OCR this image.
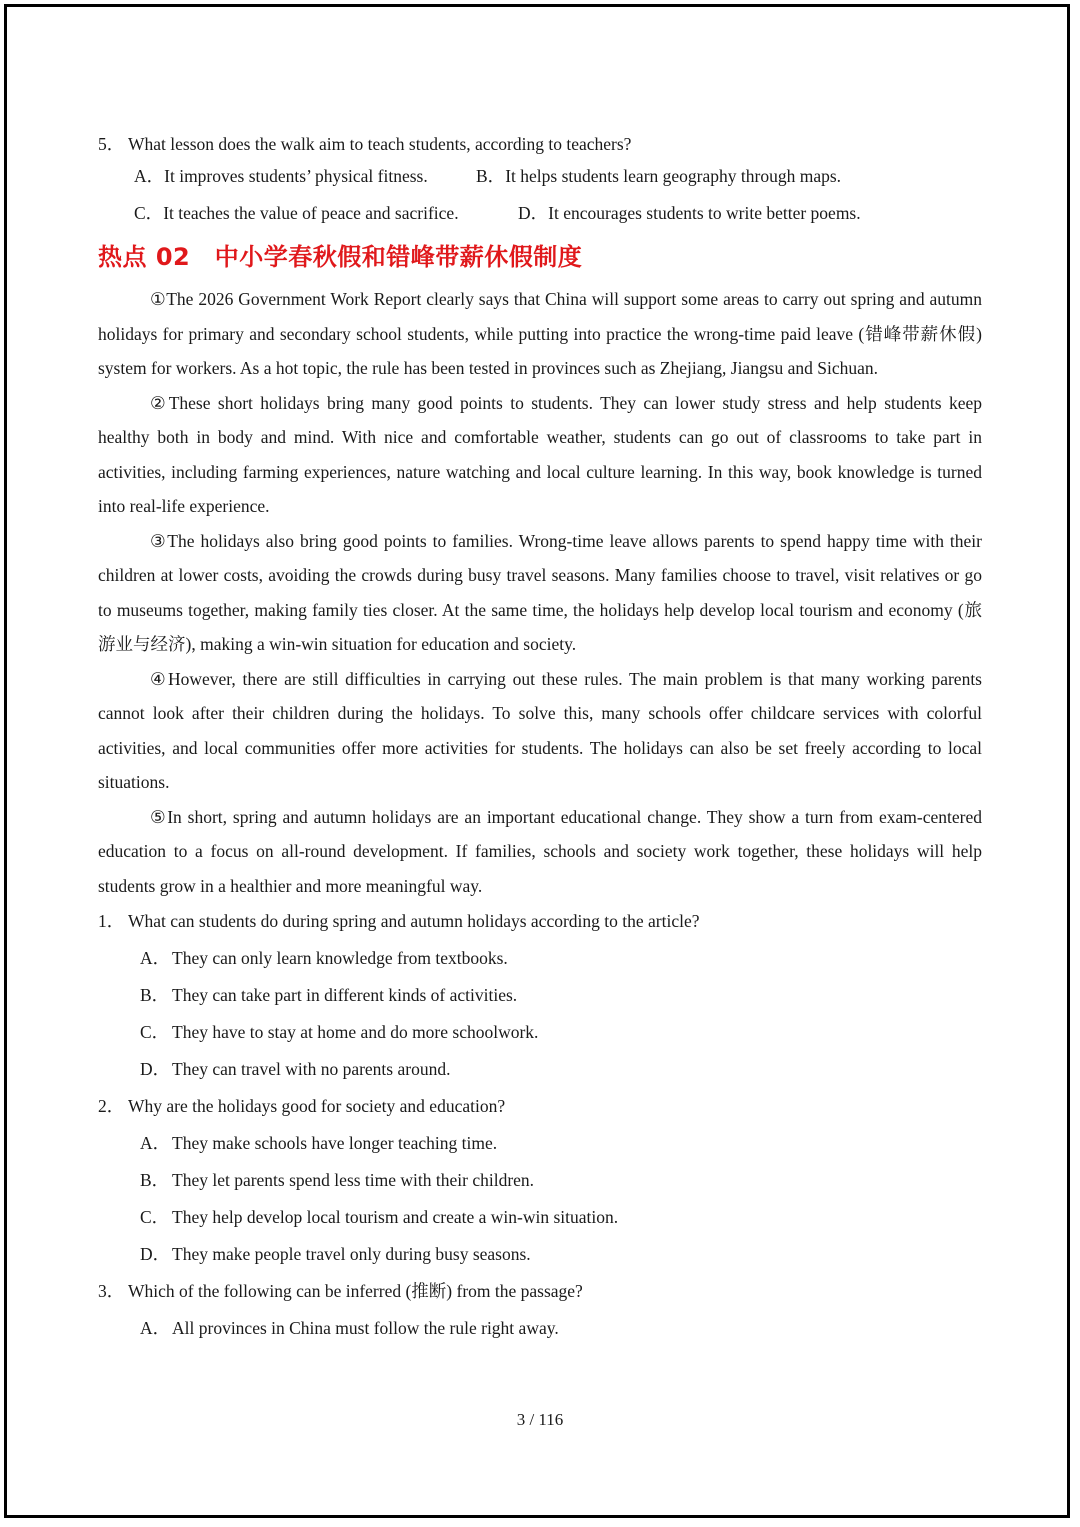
5． What lesson does the walk aim to teach students, according to teachers?
A．It improves students’ physical fitness.	B．It helps students learn geography through maps.
C．It teaches the value of peace and sacrifice.	D．It encourages students to write better poems.
热点 02　中小学春秋假和错峰带薪休假制度

①The 2026 Government Work Report clearly says that China will support some areas to carry out spring and autumn holidays for primary and secondary school students, while putting into practice the wrong-time paid leave (错峰带薪休假) system for workers. As a hot topic, the rule has been tested in provinces such as Zhejiang, Jiangsu and Sichuan.

②These short holidays bring many good points to students. They can lower study stress and help students keep healthy both in body and mind. With nice and comfortable weather, students can go out of classrooms to take part in activities, including farming experiences, nature watching and local culture learning. In this way, book knowledge is turned into real-life experience.

③The holidays also bring good points to families. Wrong-time leave allows parents to spend happy time with their children at lower costs, avoiding the crowds during busy travel seasons. Many families choose to travel, visit relatives or go to museums together, making family ties closer. At the same time, the holidays help develop local tourism and economy (旅游业与经济), making a win-win situation for education and society.

④However, there are still difficulties in carrying out these rules. The main problem is that many working parents cannot look after their children during the holidays. To solve this, many schools offer childcare services with colorful activities, and local communities offer more activities for students. The holidays can also be set freely according to local situations.

⑤In short, spring and autumn holidays are an important educational change. They show a turn from exam-centered education to a focus on all-round development. If families, schools and society work together, these holidays will help students grow in a healthier and more meaningful way.

1． What can students do during spring and autumn holidays according to the article?
A． They can only learn knowledge from textbooks.
B． They can take part in different kinds of activities.
C． They have to stay at home and do more schoolwork.
D． They can travel with no parents around.
2． Why are the holidays good for society and education?
A． They make schools have longer teaching time.
B． They let parents spend less time with their children.
C． They help develop local tourism and create a win-win situation.
D． They make people travel only during busy seasons.
3． Which of the following can be inferred (推断) from the passage?
A． All provinces in China must follow the rule right away.
3 / 116
